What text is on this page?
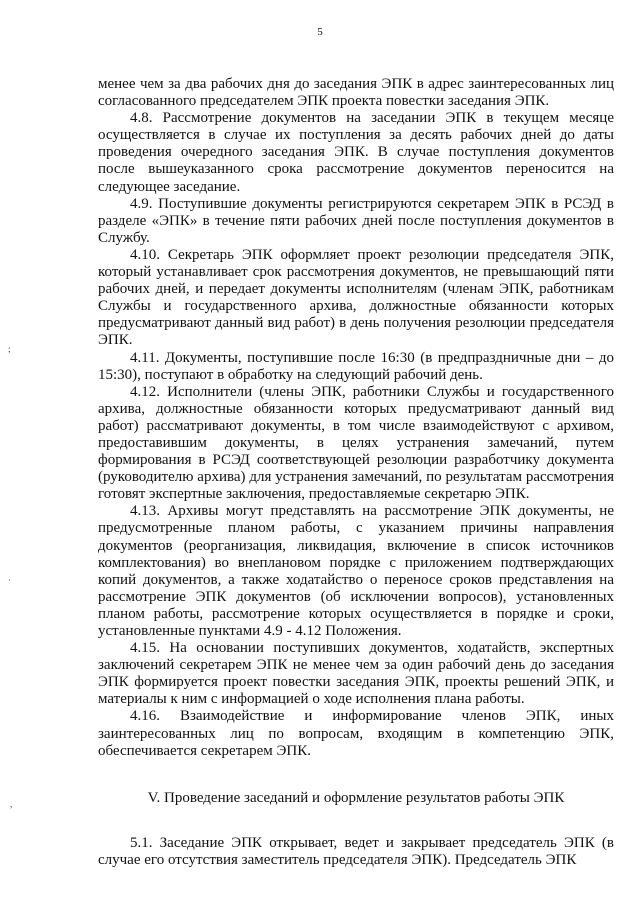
5
;
·
,

менее чем за два рабочих дня до заседания ЭПК в адрес заинтересованных лиц согласованного председателем ЭПК проекта повестки заседания ЭПК.

4.8. Рассмотрение документов на заседании ЭПК в текущем месяце осуществляется в случае их поступления за десять рабочих дней до даты проведения очередного заседания ЭПК. В случае поступления документов после вышеуказанного срока рассмотрение документов переносится на следующее заседание.

4.9. Поступившие документы регистрируются секретарем ЭПК в РСЭД в разделе «ЭПК» в течение пяти рабочих дней после поступления документов в Службу.

4.10. Секретарь ЭПК оформляет проект резолюции председателя ЭПК, который устанавливает срок рассмотрения документов, не превышающий пяти рабочих дней, и передает документы исполнителям (членам ЭПК, работникам Службы и государственного архива, должностные обязанности которых предусматривают данный вид работ) в день получения резолюции председателя ЭПК.

4.11. Документы, поступившие после 16:30 (в предпраздничные дни – до 15:30), поступают в обработку на следующий рабочий день.

4.12. Исполнители (члены ЭПК, работники Службы и государственного архива, должностные обязанности которых предусматривают данный вид работ) рассматривают документы, в том числе взаимодействуют с архивом, предоставившим документы, в целях устранения замечаний, путем формирования в РСЭД соответствующей резолюции разработчику документа (руководителю архива) для устранения замечаний, по результатам рассмотрения готовят экспертные заключения, предоставляемые секретарю ЭПК.

4.13. Архивы могут представлять на рассмотрение ЭПК документы, не предусмотренные планом работы, с указанием причины направления документов (реорганизация, ликвидация, включение в список источников комплектования) во внеплановом порядке с приложением подтверждающих копий документов, а также ходатайство о переносе сроков представления на рассмотрение ЭПК документов (об исключении вопросов), установленных планом работы, рассмотрение которых осуществляется в порядке и сроки, установленные пунктами 4.9 - 4.12 Положения.

4.15. На основании поступивших документов, ходатайств, экспертных заключений секретарем ЭПК не менее чем за один рабочий день до заседания ЭПК формируется проект повестки заседания ЭПК, проекты решений ЭПК, и материалы к ним с информацией о ходе исполнения плана работы.

4.16. Взаимодействие и информирование членов ЭПК, иных заинтересованных лиц по вопросам, входящим в компетенцию ЭПК, обеспечивается секретарем ЭПК.

V. Проведение заседаний и оформление результатов работы ЭПК

5.1. Заседание ЭПК открывает, ведет и закрывает председатель ЭПК (в случае его отсутствия заместитель председателя ЭПК). Председатель ЭПК
